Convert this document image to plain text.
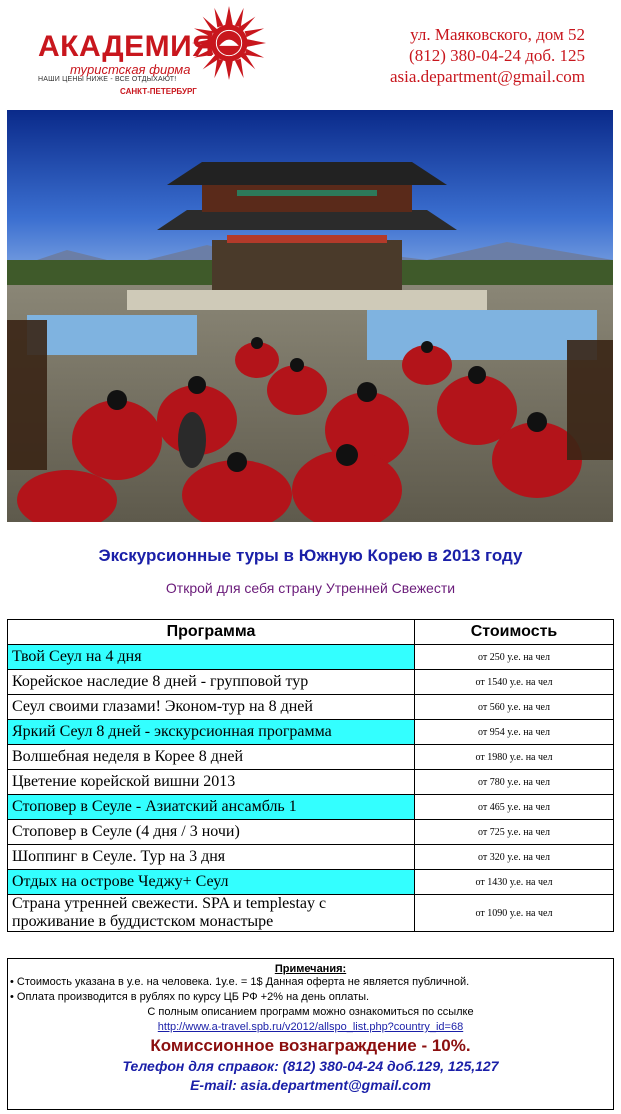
АКАДЕМИЯ
туристская фирма
НАШИ ЦЕНЫ НИЖЕ - ВСЕ ОТДЫХАЮТ!
САНКТ-ПЕТЕРБУРГ
ул. Маяковского, дом 52
(812) 380-04-24 доб. 125
asia.department@gmail.com
Экскурсионные туры в Южную Корею в 2013 году
Открой для себя страну Утренней Свежести
Программа	Стоимость
Твой Сеул на 4 дня	от 250 у.е. на чел
Корейское наследие 8 дней - групповой тур	от 1540 у.е. на чел
Сеул своими глазами! Эконом-тур на 8 дней	от 560 у.е. на чел
Яркий Сеул 8 дней - экскурсионная программа	от 954 у.е. на чел
Волшебная неделя в Корее 8 дней	от 1980 у.е. на чел
Цветение корейской вишни 2013	от 780 у.е. на чел
Стоповер в Сеуле - Азиатский ансамбль 1	от 465 у.е. на чел
Стоповер в Сеуле (4 дня / 3 ночи)	от 725 у.е. на чел
Шоппинг в Сеуле. Тур на 3 дня	от 320 у.е. на чел
Отдых на острове Чеджу+ Сеул	от 1430 у.е. на чел
Страна утренней свежести. SPA и templestay с проживание в буддистском монастыре	от 1090 у.е. на чел
Примечания:
• Стоимость указана в у.е. на человека. 1у.е. = 1$ Данная оферта не является публичной.
• Оплата производится в рублях по курсу ЦБ РФ +2% на день оплаты.
С полным описанием программ можно ознакомиться по ссылке
http://www.a-travel.spb.ru/v2012/allspo_list.php?country_id=68
Комиссионное вознаграждение - 10%.
Телефон для справок: (812) 380-04-24 доб.129, 125,127
E-mail: asia.department@gmail.com
